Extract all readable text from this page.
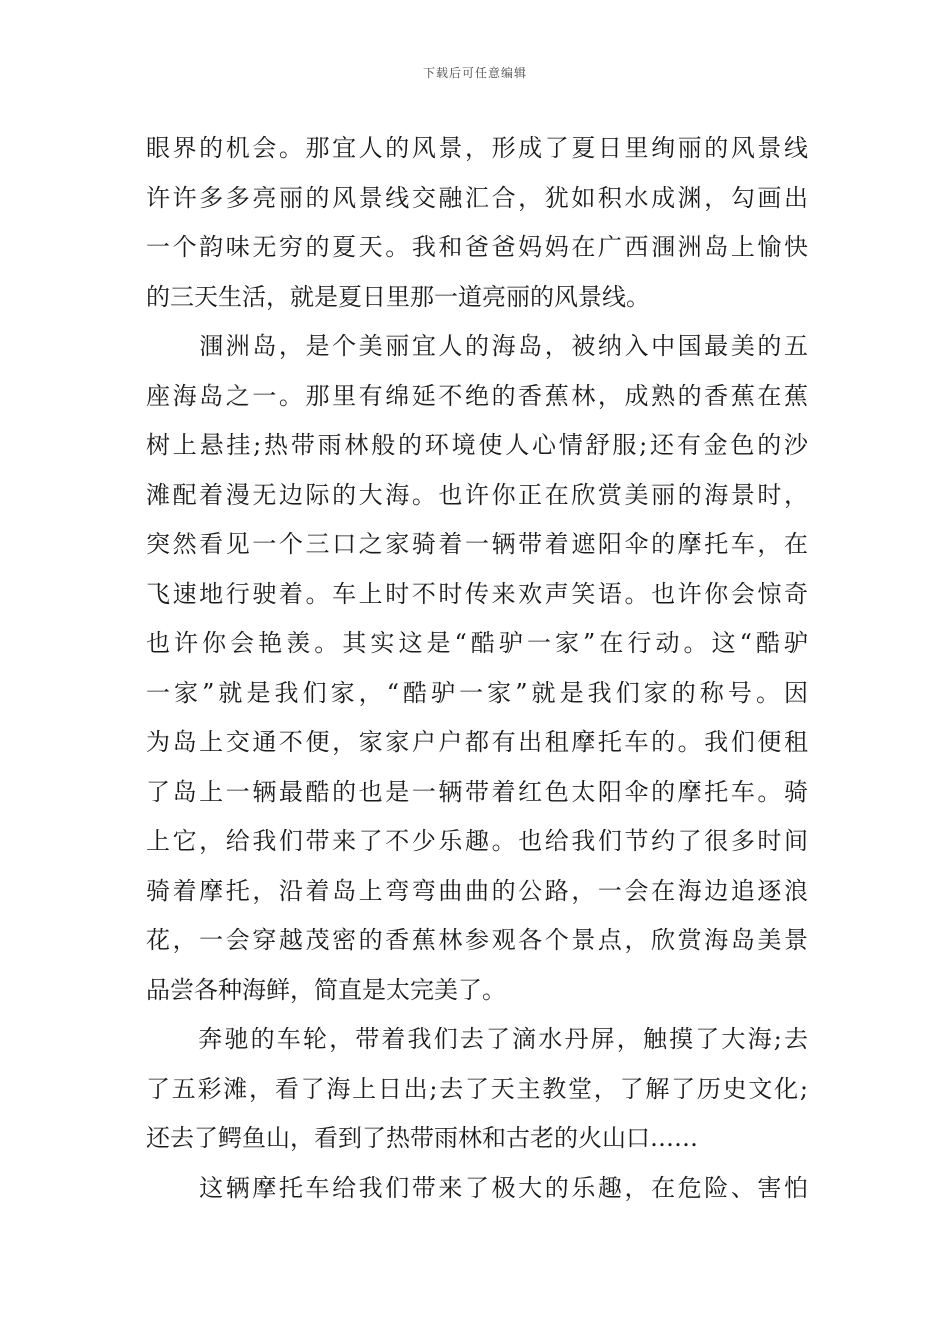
下载后可任意编辑
眼界的机会。那宜人的风景，形成了夏日里绚丽的风景线
许许多多亮丽的风景线交融汇合，犹如积水成渊，勾画出
一个韵味无穷的夏天。我和爸爸妈妈在广西涠洲岛上愉快
的三天生活，就是夏日里那一道亮丽的风景线。
　　涠洲岛，是个美丽宜人的海岛，被纳入中国最美的五
座海岛之一。那里有绵延不绝的香蕉林，成熟的香蕉在蕉
树上悬挂;热带雨林般的环境使人心情舒服;还有金色的沙
滩配着漫无边际的大海。也许你正在欣赏美丽的海景时，
突然看见一个三口之家骑着一辆带着遮阳伞的摩托车，在
飞速地行驶着。车上时不时传来欢声笑语。也许你会惊奇
也许你会艳羡。其实这是“酷驴一家”在行动。这“酷驴
一家”就是我们家，“酷驴一家”就是我们家的称号。因
为岛上交通不便，家家户户都有出租摩托车的。我们便租
了岛上一辆最酷的也是一辆带着红色太阳伞的摩托车。骑
上它，给我们带来了不少乐趣。也给我们节约了很多时间
骑着摩托，沿着岛上弯弯曲曲的公路，一会在海边追逐浪
花，一会穿越茂密的香蕉林参观各个景点，欣赏海岛美景
品尝各种海鲜，简直是太完美了。
　　奔驰的车轮，带着我们去了滴水丹屏，触摸了大海;去
了五彩滩，看了海上日出;去了天主教堂，了解了历史文化;
还去了鳄鱼山，看到了热带雨林和古老的火山口……
　　这辆摩托车给我们带来了极大的乐趣，在危险、害怕
